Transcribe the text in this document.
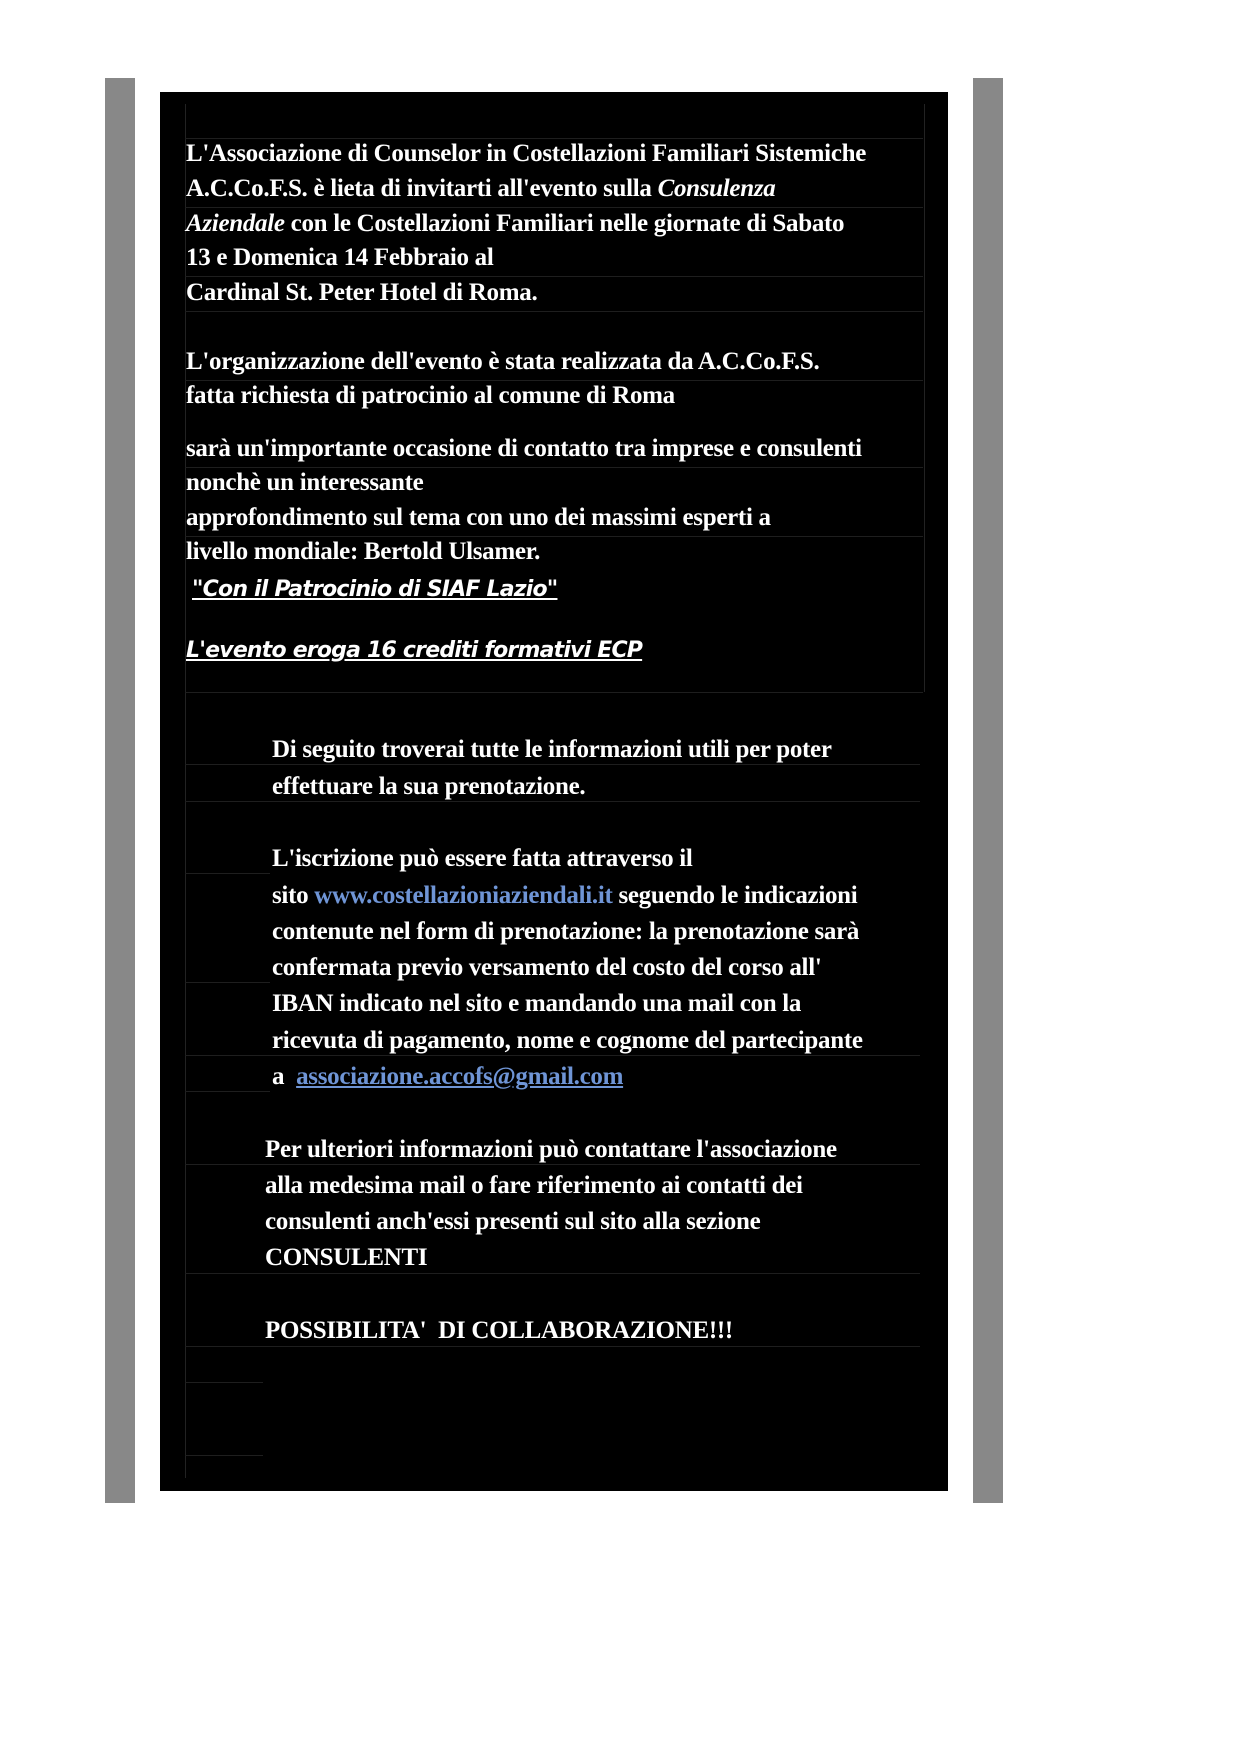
L'Associazione di Counselor in Costellazioni Familiari Sistemiche
A.C.Co.F.S. è lieta di invitarti all'evento sulla Consulenza
Aziendale con le Costellazioni Familiari nelle giornate di Sabato
13 e Domenica 14 Febbraio al
Cardinal St. Peter Hotel di Roma.
L'organizzazione dell'evento è stata realizzata da A.C.Co.F.S.
fatta richiesta di patrocinio al comune di Roma
sarà un'importante occasione di contatto tra imprese e consulenti
nonchè un interessante
approfondimento sul tema con uno dei massimi esperti a
livello mondiale: Bertold Ulsamer.
"Con il Patrocinio di SIAF Lazio"
L'evento eroga 16 crediti formativi ECP
Di seguito troverai tutte le informazioni utili per poter
effettuare la sua prenotazione.
L'iscrizione può essere fatta attraverso il
sito www.costellazioniaziendali.it seguendo le indicazioni
contenute nel form di prenotazione: la prenotazione sarà
confermata previo versamento del costo del corso all'
IBAN indicato nel sito e mandando una mail con la
ricevuta di pagamento, nome e cognome del partecipante
a  associazione.accofs@gmail.com
Per ulteriori informazioni può contattare l'associazione
alla medesima mail o fare riferimento ai contatti dei
consulenti anch'essi presenti sul sito alla sezione
CONSULENTI
POSSIBILITA'  DI COLLABORAZIONE!!!
